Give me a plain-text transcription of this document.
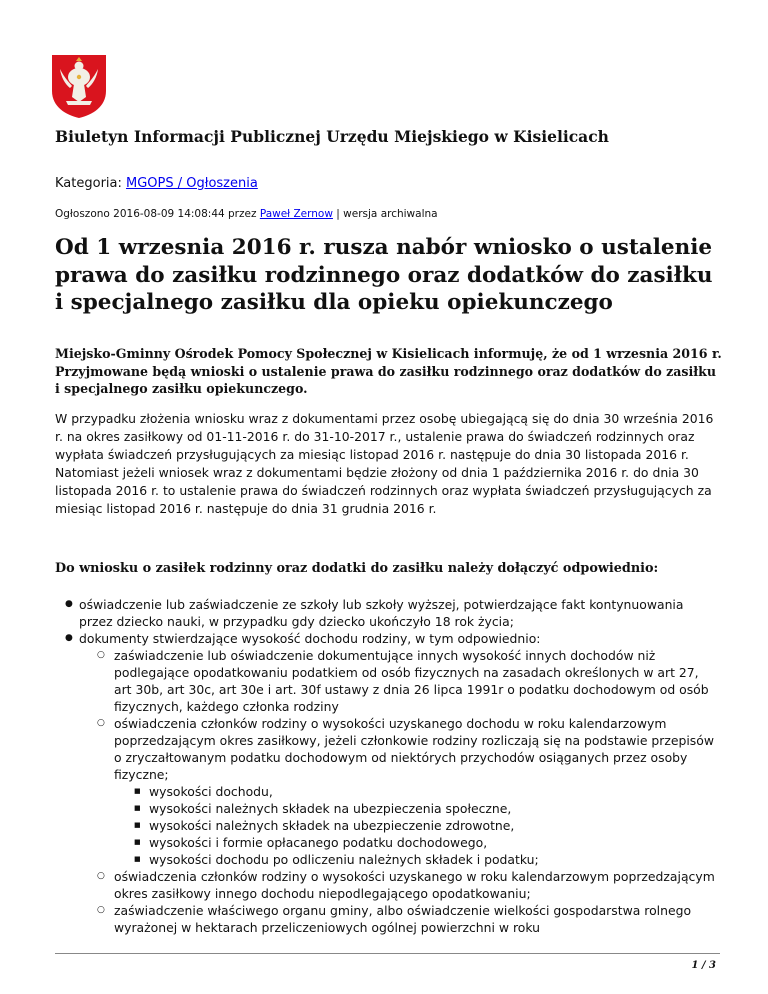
Biuletyn Informacji Publicznej Urzędu Miejskiego w Kisielicach
Kategoria: MGOPS / Ogłoszenia
Ogłoszono 2016-08-09 14:08:44 przez Paweł Zernow | wersja archiwalna
Od 1 wrzesnia 2016 r. rusza nabór wniosko o ustalenie prawa do zasiłku rodzinnego oraz dodatków do zasiłku i specjalnego zasiłku dla opieku opiekunczego

Miejsko-Gminny Ośrodek Pomocy Społecznej w Kisielicach informuję, że od 1 wrzesnia 2016 r. Przyjmowane będą wnioski o ustalenie prawa do zasiłku rodzinnego oraz dodatków do zasiłku i specjalnego zasiłku opiekunczego.

W przypadku złożenia wniosku wraz z dokumentami przez osobę ubiegającą się do dnia 30 września 2016 r. na okres zasiłkowy od 01-11-2016 r. do 31-10-2017 r., ustalenie prawa do świadczeń rodzinnych oraz wypłata świadczeń przysługujących za miesiąc listopad 2016 r. następuje do dnia 30 listopada 2016 r. Natomiast jeżeli wniosek wraz z dokumentami będzie złożony od dnia 1 października 2016 r. do dnia 30 listopada 2016 r. to ustalenie prawa do świadczeń rodzinnych oraz wypłata świadczeń przysługujących za miesiąc listopad 2016 r. następuje do dnia 31 grudnia 2016 r.

Do wniosku o zasiłek rodzinny oraz dodatki do zasiłku należy dołączyć odpowiednio:
● oświadczenie lub zaświadczenie ze szkoły lub szkoły wyższej, potwierdzające fakt kontynuowania przez dziecko nauki, w przypadku gdy dziecko ukończyło 18 rok życia;
● dokumenty stwierdzające wysokość dochodu rodziny, w tym odpowiednio:
○ zaświadczenie lub oświadczenie dokumentujące innych wysokość innych dochodów niż podlegające opodatkowaniu podatkiem od osób fizycznych na zasadach określonych w art 27, art 30b, art 30c, art 30e i art. 30f ustawy z dnia 26 lipca 1991r o podatku dochodowym od osób fizycznych, każdego członka rodziny
○ oświadczenia członków rodziny o wysokości uzyskanego dochodu w roku kalendarzowym poprzedzającym okres zasiłkowy, jeżeli członkowie rodziny rozliczają się na podstawie przepisów o zryczałtowanym podatku dochodowym od niektórych przychodów osiąganych przez osoby fizyczne;
■ wysokości dochodu,
■ wysokości należnych składek na ubezpieczenia społeczne,
■ wysokości należnych składek na ubezpieczenie zdrowotne,
■ wysokości i formie opłacanego podatku dochodowego,
■ wysokości dochodu po odliczeniu należnych składek i podatku;
○ oświadczenia członków rodziny o wysokości uzyskanego w roku kalendarzowym poprzedzającym okres zasiłkowy innego dochodu niepodlegającego opodatkowaniu;
○ zaświadczenie właściwego organu gminy, albo oświadczenie wielkości gospodarstwa rolnego wyrażonej w hektarach przeliczeniowych ogólnej powierzchni w roku
1 / 3
